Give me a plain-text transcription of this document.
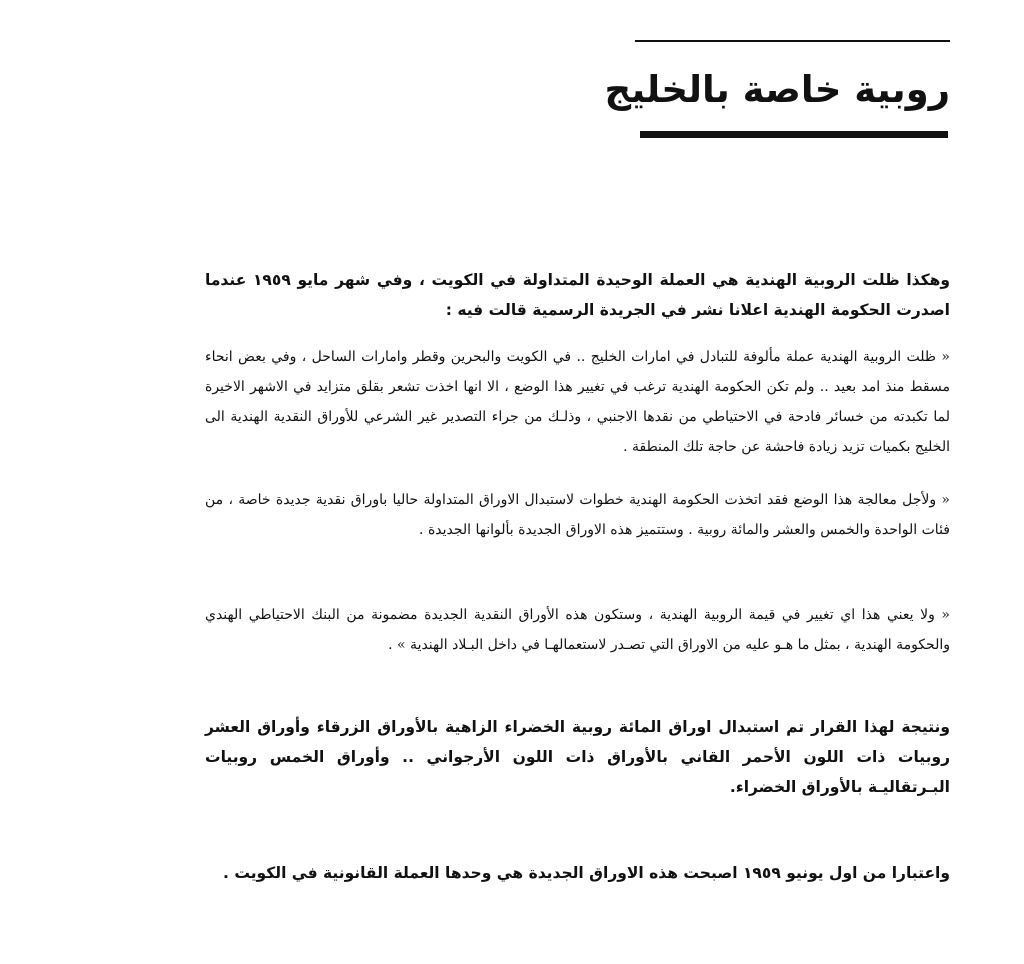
روبية خاصة بالخليج

وهكذا ظلت الروبية الهندية هي العملة الوحيدة المتداولة في الكويت ، وفي شهر مايو ١٩٥٩ عندما اصدرت الحكومة الهندية اعلانا نشر في الجريدة الرسمية قالت فيه :

« ظلت الروبية الهندية عملة مألوفة للتبادل في امارات الخليج .. في الكويت والبحرين وقطر وامارات الساحل ، وفي بعض انحاء مسقط منذ امد بعيد .. ولم تكن الحكومة الهندية ترغب في تغيير هذا الوضع ، الا انها اخذت تشعر بقلق متزايد في الاشهر الاخيرة لما تكبدته من خسائر فادحة في الاحتياطي من نقدها الاجنبي ، وذلـك من جراء التصدير غير الشرعي للأوراق النقدية الهندية الى الخليج بكميات تزيد زيادة فاحشة عن حاجة تلك المنطقة .

« ولأجل معالجة هذا الوضع فقد اتخذت الحكومة الهندية خطوات لاستبدال الاوراق المتداولة حاليا باوراق نقدية جديدة خاصة ، من فئات الواحدة والخمس والعشر والمائة روبية . وستتميز هذه الاوراق الجديدة بألوانها الجديدة .

« ولا يعني هذا اي تغيير في قيمة الروبية الهندية ، وستكون هذه الأوراق النقدية الجديدة مضمونة من البنك الاحتياطي الهندي والحكومة الهندية ، بمثل ما هـو عليه من الاوراق التي تصـدر لاستعمالهـا في داخل البـلاد الهندية » .

ونتيجة لهذا القرار تم استبدال اوراق المائة روبية الخضراء الزاهية بالأوراق الزرقاء وأوراق العشر روبيات ذات اللون الأحمر القاني بالأوراق ذات اللون الأرجواني .. وأوراق الخمس روبيات البـرتقاليـة بالأوراق الخضراء.

واعتبارا من اول يونيو ١٩٥٩ اصبحت هذه الاوراق الجديدة هي وحدها العملة القانونية في الكويت .
